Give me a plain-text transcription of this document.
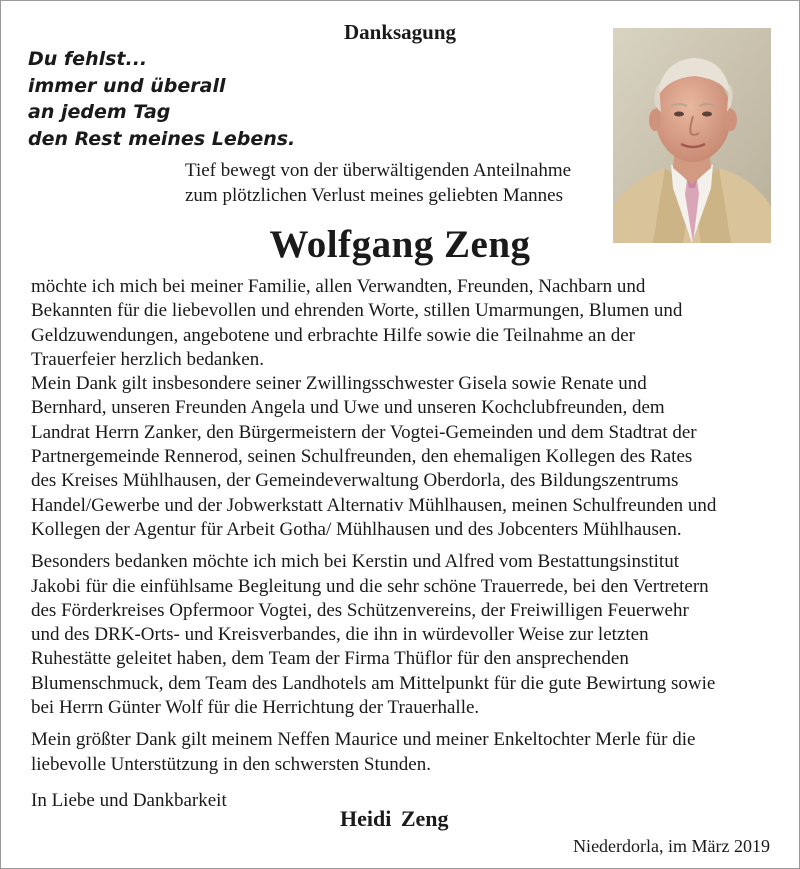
Danksagung
Du fehlst...
immer und überall
an jedem Tag
den Rest meines Lebens.
Tief bewegt von der überwältigenden Anteilnahme
zum plötzlichen Verlust meines geliebten Mannes
Wolfgang Zeng
möchte ich mich bei meiner Familie, allen Verwandten, Freunden, Nachbarn und
Bekannten für die liebevollen und ehrenden Worte, stillen Umarmungen, Blumen und
Geldzuwendungen, angebotene und erbrachte Hilfe sowie die Teilnahme an der
Trauerfeier herzlich bedanken.
Mein Dank gilt insbesondere seiner Zwillingsschwester Gisela sowie Renate und
Bernhard, unseren Freunden Angela und Uwe und unseren Kochclubfreunden, dem
Landrat Herrn Zanker, den Bürgermeistern der Vogtei-Gemeinden und dem Stadtrat der
Partnergemeinde Rennerod, seinen Schulfreunden, den ehemaligen Kollegen des Rates
des Kreises Mühlhausen, der Gemeindeverwaltung Oberdorla, des Bildungszentrums
Handel/Gewerbe und der Jobwerkstatt Alternativ Mühlhausen, meinen Schulfreunden und
Kollegen der Agentur für Arbeit Gotha/ Mühlhausen und des Jobcenters Mühlhausen.
Besonders bedanken möchte ich mich bei Kerstin und Alfred vom Bestattungsinstitut
Jakobi für die einfühlsame Begleitung und die sehr schöne Trauerrede, bei den Vertretern
des Förderkreises Opfermoor Vogtei, des Schützenvereins, der Freiwilligen Feuerwehr
und des DRK-Orts- und Kreisverbandes, die ihn in würdevoller Weise zur letzten
Ruhestätte geleitet haben, dem Team der Firma Thüflor für den ansprechenden
Blumenschmuck, dem Team des Landhotels am Mittelpunkt für die gute Bewirtung sowie
bei Herrn Günter Wolf für die Herrichtung der Trauerhalle.
Mein größter Dank gilt meinem Neffen Maurice und meiner Enkeltochter Merle für die
liebevolle Unterstützung in den schwersten Stunden.
In Liebe und Dankbarkeit
Heidi Zeng
Niederdorla, im März 2019
